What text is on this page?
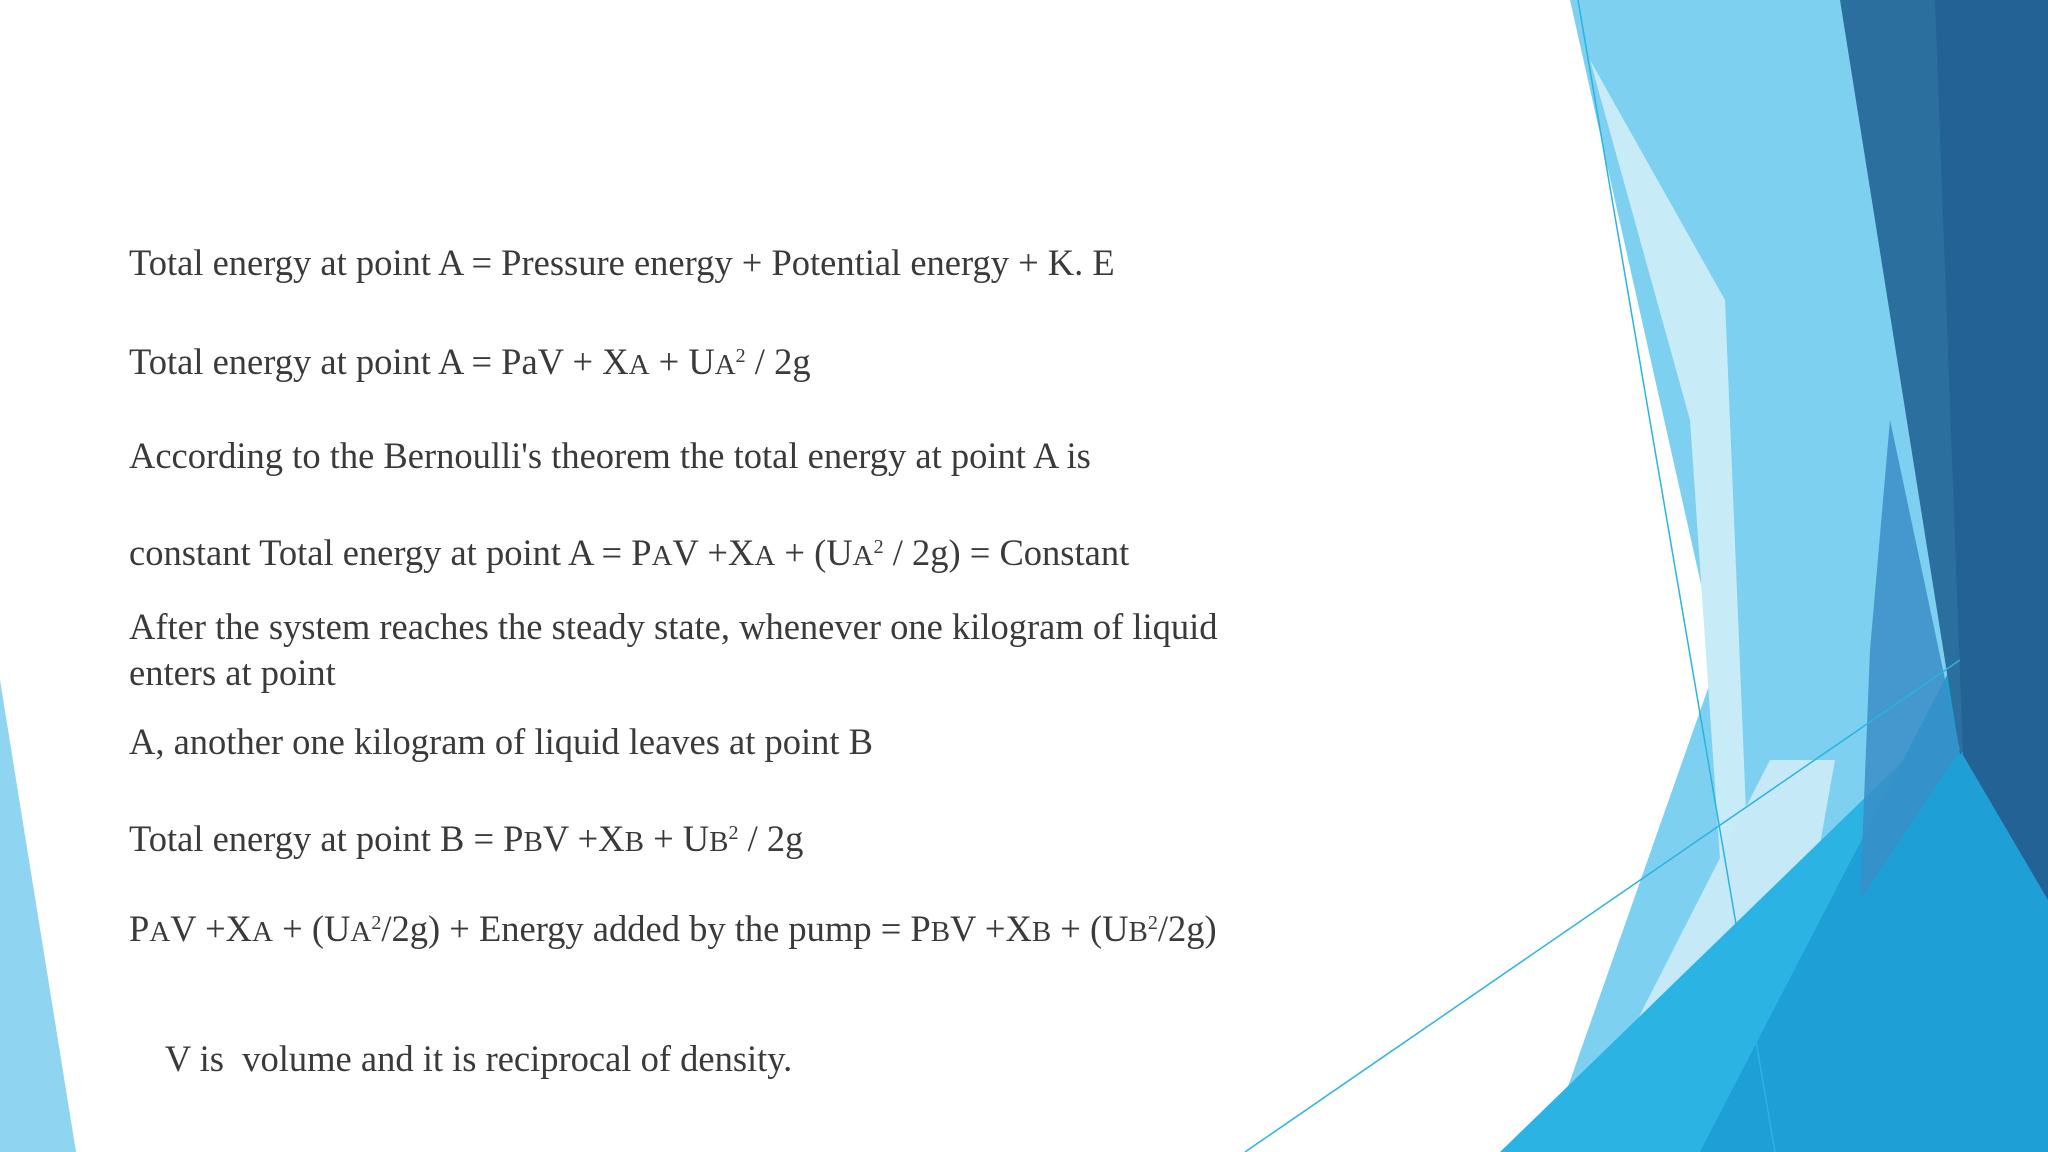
Total energy at point A = Pressure energy + Potential energy + K. E

Total energy at point A = PaV + XA + $UA^2 / 2g$

According to the Bernoulli's theorem the total energy at point A is

constant Total energy at point A = PAV $+XA + (UA^2 / 2g)$ = Constant

After the system reaches the steady state, whenever one kilogram of liquid

enters at point

A, another one kilogram of liquid leaves at point B

Total energy at point B = PBV $+XB + UB^2 / 2g$

PAV $+XA + (UA^2/2g)$ + Energy added by the pump = PBV $+XB + (UB^2/2g)$

V is  volume and it is reciprocal of density.
